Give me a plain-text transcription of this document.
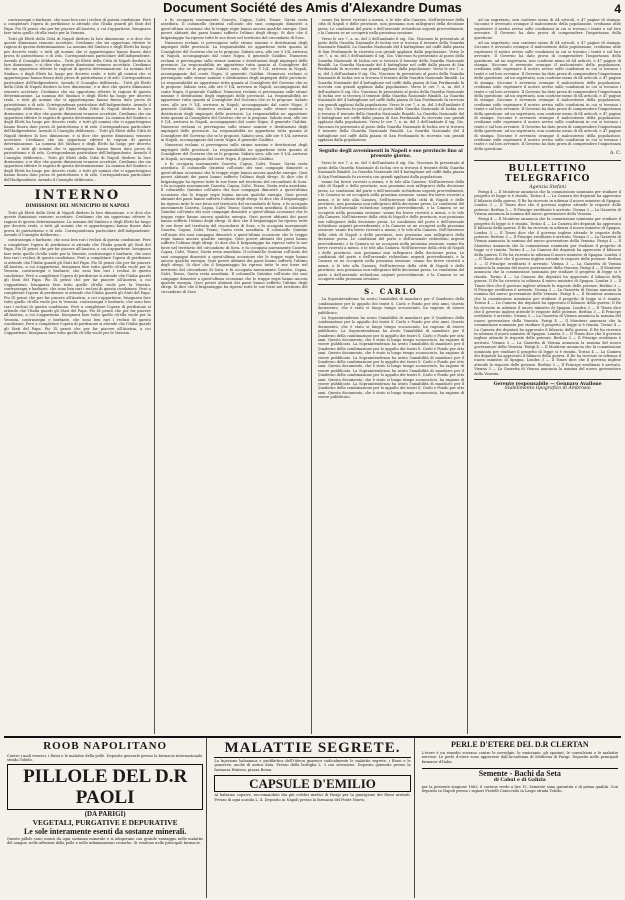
Document Société des Amis d'Alexandre Dumas	4

contrassegni e barbarie, che sono ben rari i reclusi di questa condizione. Però a completare l'opera di perdizione si attende che l'Italia guardi gli Stati del Papa. Pio IX pensò che per far piacere all'Austria, a cui s'appartiene, bisognava fare tutto quello ch'ella vuole per la Venezia.

Tutti gli Eletti della Città di Napoli diedero la loro dimissione, e si dice che queste dimissioni vennero accettate. Crediamo che sia opportuno riferire le ragioni di questa determinazione. La nomina del Sindaco e degli Eletti ha luogo per decreto reale, e tutti gli uomini che vi appartengono hanno finora dato prova di patriottismo e di zelo. Corrispondenza particolare dell'Indipendente. Avendo il Consiglio deliberato... Tutti gli Eletti della Città di Napoli diedero la loro dimissione, e si dice che queste dimissioni vennero accettate. Crediamo che sia opportuno riferire le ragioni di questa determinazione. La nomina del Sindaco e degli Eletti ha luogo per decreto reale, e tutti gli uomini che vi appartengono hanno finora dato prova di patriottismo e di zelo. Corrispondenza particolare dell'Indipendente. Avendo il Consiglio deliberato... Tutti gli Eletti della Città di Napoli diedero la loro dimissione, e si dice che queste dimissioni vennero accettate. Crediamo che sia opportuno riferire le ragioni di questa determinazione. La nomina del Sindaco e degli Eletti ha luogo per decreto reale, e tutti gli uomini che vi appartengono hanno finora dato prova di patriottismo e di zelo. Corrispondenza particolare dell'Indipendente. Avendo il Consiglio deliberato... Tutti gli Eletti della Città di Napoli diedero la loro dimissione, e si dice che queste dimissioni vennero accettate. Crediamo che sia opportuno riferire le ragioni di questa determinazione. La nomina del Sindaco e degli Eletti ha luogo per decreto reale, e tutti gli uomini che vi appartengono hanno finora dato prova di patriottismo e di zelo. Corrispondenza particolare dell'Indipendente. Avendo il Consiglio deliberato... Tutti gli Eletti della Città di Napoli diedero la loro dimissione, e si dice che queste dimissioni vennero accettate. Crediamo che sia opportuno riferire le ragioni di questa determinazione. La nomina del Sindaco e degli Eletti ha luogo per decreto reale, e tutti gli uomini che vi appartengono hanno finora dato prova di patriottismo e di zelo. Corrispondenza particolare dell'Indipendente. Avendo il Consiglio deliberato... Tutti gli Eletti della Città di Napoli diedero la loro dimissione, e si dice che queste dimissioni vennero accettate. Crediamo che sia opportuno riferire le ragioni di questa determinazione. La nomina del Sindaco e degli Eletti ha luogo per decreto reale, e tutti gli uomini che vi appartengono hanno finora dato prova di patriottismo e di zelo. Corrispondenza particolare dell'Indipendente. Avendo il Consiglio deliberato...

INTERNO
DIMISSIONE DEL MUNICIPIO DI NAPOLI

Tutti gli Eletti della Città di Napoli diedero la loro dimissione, e si dice che queste dimissioni vennero accettate. Crediamo che sia opportuno riferire le ragioni di questa determinazione. La nomina del Sindaco e degli Eletti ha luogo per decreto reale, e tutti gli uomini che vi appartengono hanno finora dato prova di patriottismo e di zelo. Corrispondenza particolare dell'Indipendente. Avendo il Consiglio deliberato...

contrassegni e barbarie, che sono ben rari i reclusi di questa condizione. Però a completare l'opera di perdizione si attende che l'Italia guardi gli Stati del Papa. Pio IX pensò che per far piacere all'Austria, a cui s'appartiene, bisognava fare tutto quello ch'ella vuole per la Venezia. contrassegni e barbarie, che sono ben rari i reclusi di questa condizione. Però a completare l'opera di perdizione si attende che l'Italia guardi gli Stati del Papa. Pio IX pensò che per far piacere all'Austria, a cui s'appartiene, bisognava fare tutto quello ch'ella vuole per la Venezia. contrassegni e barbarie, che sono ben rari i reclusi di questa condizione. Però a completare l'opera di perdizione si attende che l'Italia guardi gli Stati del Papa. Pio IX pensò che per far piacere all'Austria, a cui s'appartiene, bisognava fare tutto quello ch'ella vuole per la Venezia. contrassegni e barbarie, che sono ben rari i reclusi di questa condizione. Però a completare l'opera di perdizione si attende che l'Italia guardi gli Stati del Papa. Pio IX pensò che per far piacere all'Austria, a cui s'appartiene, bisognava fare tutto quello ch'ella vuole per la Venezia. contrassegni e barbarie, che sono ben rari i reclusi di questa condizione. Però a completare l'opera di perdizione si attende che l'Italia guardi gli Stati del Papa. Pio IX pensò che per far piacere all'Austria, a cui s'appartiene, bisognava fare tutto quello ch'ella vuole per la Venezia. contrassegni e barbarie, che sono ben rari i reclusi di questa condizione. Però a completare l'opera di perdizione si attende che l'Italia guardi gli Stati del Papa. Pio IX pensò che per far piacere all'Austria, a cui s'appartiene, bisognava fare tutto quello ch'ella vuole per la Venezia.

e fu occupata nuovamente Caserta, Capua, Calvi, Teano; Gaeta resta assediata. Il colonnello Quintini coll'aiuto dei suoi compagni dimostrò a quest'ultima occasione che le truppe regie hanno ancora qualche energia. Quei poveri abitanti dei paesi hanno sofferto l'ultimo degli sfregi. Si dice che il brigantaggio ha ripreso tutte le sue forze nel territorio del circondario di Sora.

Numerosi reclami ci pervengono sulle strane nomine e destituzioni degli impiegati delle provincie. La responsabilità ne appartiene tutta quanta al Consigliere del Governo che se le propone. Sabato sera, alle ore 9 1/4, arrivava in Napoli, accompagnato dal conte Nigra, il generale Cialdini. Numerosi reclami ci pervengono sulle strane nomine e destituzioni degli impiegati delle provincie. La responsabilità ne appartiene tutta quanta al Consigliere del Governo che se le propone. Sabato sera, alle ore 9 1/4, arrivava in Napoli, accompagnato dal conte Nigra, il generale Cialdini. Numerosi reclami ci pervengono sulle strane nomine e destituzioni degli impiegati delle provincie. La responsabilità ne appartiene tutta quanta al Consigliere del Governo che se le propone. Sabato sera, alle ore 9 1/4, arrivava in Napoli, accompagnato dal conte Nigra, il generale Cialdini. Numerosi reclami ci pervengono sulle strane nomine e destituzioni degli impiegati delle provincie. La responsabilità ne appartiene tutta quanta al Consigliere del Governo che se le propone. Sabato sera, alle ore 9 1/4, arrivava in Napoli, accompagnato dal conte Nigra, il generale Cialdini. Numerosi reclami ci pervengono sulle strane nomine e destituzioni degli impiegati delle provincie. La responsabilità ne appartiene tutta quanta al Consigliere del Governo che se le propone. Sabato sera, alle ore 9 1/4, arrivava in Napoli, accompagnato dal conte Nigra, il generale Cialdini. Numerosi reclami ci pervengono sulle strane nomine e destituzioni degli impiegati delle provincie. La responsabilità ne appartiene tutta quanta al Consigliere del Governo che se le propone. Sabato sera, alle ore 9 1/4, arrivava in Napoli, accompagnato dal conte Nigra, il generale Cialdini.

Numerosi reclami ci pervengono sulle strane nomine e destituzioni degli impiegati delle provincie. La responsabilità ne appartiene tutta quanta al Consigliere del Governo che se le propone. Sabato sera, alle ore 9 1/4, arrivava in Napoli, accompagnato dal conte Nigra, il generale Cialdini.

e fu occupata nuovamente Caserta, Capua, Calvi, Teano; Gaeta resta assediata. Il colonnello Quintini coll'aiuto dei suoi compagni dimostrò a quest'ultima occasione che le truppe regie hanno ancora qualche energia. Quei poveri abitanti dei paesi hanno sofferto l'ultimo degli sfregi. Si dice che il brigantaggio ha ripreso tutte le sue forze nel territorio del circondario di Sora. e fu occupata nuovamente Caserta, Capua, Calvi, Teano; Gaeta resta assediata. Il colonnello Quintini coll'aiuto dei suoi compagni dimostrò a quest'ultima occasione che le truppe regie hanno ancora qualche energia. Quei poveri abitanti dei paesi hanno sofferto l'ultimo degli sfregi. Si dice che il brigantaggio ha ripreso tutte le sue forze nel territorio del circondario di Sora. e fu occupata nuovamente Caserta, Capua, Calvi, Teano; Gaeta resta assediata. Il colonnello Quintini coll'aiuto dei suoi compagni dimostrò a quest'ultima occasione che le truppe regie hanno ancora qualche energia. Quei poveri abitanti dei paesi hanno sofferto l'ultimo degli sfregi. Si dice che il brigantaggio ha ripreso tutte le sue forze nel territorio del circondario di Sora. e fu occupata nuovamente Caserta, Capua, Calvi, Teano; Gaeta resta assediata. Il colonnello Quintini coll'aiuto dei suoi compagni dimostrò a quest'ultima occasione che le truppe regie hanno ancora qualche energia. Quei poveri abitanti dei paesi hanno sofferto l'ultimo degli sfregi. Si dice che il brigantaggio ha ripreso tutte le sue forze nel territorio del circondario di Sora. e fu occupata nuovamente Caserta, Capua, Calvi, Teano; Gaeta resta assediata. Il colonnello Quintini coll'aiuto dei suoi compagni dimostrò a quest'ultima occasione che le truppe regie hanno ancora qualche energia. Quei poveri abitanti dei paesi hanno sofferto l'ultimo degli sfregi. Si dice che il brigantaggio ha ripreso tutte le sue forze nel territorio del circondario di Sora. e fu occupata nuovamente Caserta, Capua, Calvi, Teano; Gaeta resta assediata. Il colonnello Quintini coll'aiuto dei suoi compagni dimostrò a quest'ultima occasione che le truppe regie hanno ancora qualche energia. Quei poveri abitanti dei paesi hanno sofferto l'ultimo degli sfregi. Si dice che il brigantaggio ha ripreso tutte le sue forze nel territorio del circondario di Sora.

vanno fra breve ricevuti a mensi, e le tele alla Camera. Nell'interesse della città di Napoli e delle provincie, non possiamo non rallegrarci della decisione presa. Le condizioni del porto e dell'arsenale richiedono urgenti provvedimenti, e la Camera se ne occuperà nella prossima sessione.

Verso le ore 7, a. m. del 3 dell'andante il sig. Gio. Vincenzo fu presentato al posto della Guardia Nazionale di Ischia ove si trovava il tenente della Guardia Nazionale Rinaldi. La Guardia Nazionale del 4 battaglione nel caffè dalla piazza di San Ferdinando fu ricevuta con grandi applausi dalla popolazione. Verso le ore 7, a. m. del 3 dell'andante il sig. Gio. Vincenzo fu presentato al posto della Guardia Nazionale di Ischia ove si trovava il tenente della Guardia Nazionale Rinaldi. La Guardia Nazionale del 4 battaglione nel caffè dalla piazza di San Ferdinando fu ricevuta con grandi applausi dalla popolazione. Verso le ore 7, a. m. del 3 dell'andante il sig. Gio. Vincenzo fu presentato al posto della Guardia Nazionale di Ischia ove si trovava il tenente della Guardia Nazionale Rinaldi. La Guardia Nazionale del 4 battaglione nel caffè dalla piazza di San Ferdinando fu ricevuta con grandi applausi dalla popolazione. Verso le ore 7, a. m. del 3 dell'andante il sig. Gio. Vincenzo fu presentato al posto della Guardia Nazionale di Ischia ove si trovava il tenente della Guardia Nazionale Rinaldi. La Guardia Nazionale del 4 battaglione nel caffè dalla piazza di San Ferdinando fu ricevuta con grandi applausi dalla popolazione. Verso le ore 7, a. m. del 3 dell'andante il sig. Gio. Vincenzo fu presentato al posto della Guardia Nazionale di Ischia ove si trovava il tenente della Guardia Nazionale Rinaldi. La Guardia Nazionale del 4 battaglione nel caffè dalla piazza di San Ferdinando fu ricevuta con grandi applausi dalla popolazione. Verso le ore 7, a. m. del 3 dell'andante il sig. Gio. Vincenzo fu presentato al posto della Guardia Nazionale di Ischia ove si trovava il tenente della Guardia Nazionale Rinaldi. La Guardia Nazionale del 4 battaglione nel caffè dalla piazza di San Ferdinando fu ricevuta con grandi applausi dalla popolazione.

Seguito degli avvenimenti in Napoli e sue provincie fino al presente giorno.

Verso le ore 7, a. m. del 3 dell'andante il sig. Gio. Vincenzo fu presentato al posto della Guardia Nazionale di Ischia ove si trovava il tenente della Guardia Nazionale Rinaldi. La Guardia Nazionale del 4 battaglione nel caffè dalla piazza di San Ferdinando fu ricevuta con grandi applausi dalla popolazione.

vanno fra breve ricevuti a mensi, e le tele alla Camera. Nell'interesse della città di Napoli e delle provincie, non possiamo non rallegrarci della decisione presa. Le condizioni del porto e dell'arsenale richiedono urgenti provvedimenti, e la Camera se ne occuperà nella prossima sessione. vanno fra breve ricevuti a mensi, e le tele alla Camera. Nell'interesse della città di Napoli e delle provincie, non possiamo non rallegrarci della decisione presa. Le condizioni del porto e dell'arsenale richiedono urgenti provvedimenti, e la Camera se ne occuperà nella prossima sessione. vanno fra breve ricevuti a mensi, e le tele alla Camera. Nell'interesse della città di Napoli e delle provincie, non possiamo non rallegrarci della decisione presa. Le condizioni del porto e dell'arsenale richiedono urgenti provvedimenti, e la Camera se ne occuperà nella prossima sessione. vanno fra breve ricevuti a mensi, e le tele alla Camera. Nell'interesse della città di Napoli e delle provincie, non possiamo non rallegrarci della decisione presa. Le condizioni del porto e dell'arsenale richiedono urgenti provvedimenti, e la Camera se ne occuperà nella prossima sessione. vanno fra breve ricevuti a mensi, e le tele alla Camera. Nell'interesse della città di Napoli e delle provincie, non possiamo non rallegrarci della decisione presa. Le condizioni del porto e dell'arsenale richiedono urgenti provvedimenti, e la Camera se ne occuperà nella prossima sessione. vanno fra breve ricevuti a mensi, e le tele alla Camera. Nell'interesse della città di Napoli e delle provincie, non possiamo non rallegrarci della decisione presa. Le condizioni del porto e dell'arsenale richiedono urgenti provvedimenti, e la Camera se ne occuperà nella prossima sessione.

S. CARLO

La Sopraintendenza ha avuto l'amabilità di mandarci per il Quaderno della combinazione per lo appalto dei teatri S. Carlo e Fondo per otto anni. Questo documento, che è stato si lungo tempo sconosciuto, ha ragione di essere pubblicato.

La Sopraintendenza ha avuto l'amabilità di mandarci per il Quaderno della combinazione per lo appalto dei teatri S. Carlo e Fondo per otto anni. Questo documento, che è stato si lungo tempo sconosciuto, ha ragione di essere pubblicato. La Sopraintendenza ha avuto l'amabilità di mandarci per il Quaderno della combinazione per lo appalto dei teatri S. Carlo e Fondo per otto anni. Questo documento, che è stato si lungo tempo sconosciuto, ha ragione di essere pubblicato. La Sopraintendenza ha avuto l'amabilità di mandarci per il Quaderno della combinazione per lo appalto dei teatri S. Carlo e Fondo per otto anni. Questo documento, che è stato si lungo tempo sconosciuto, ha ragione di essere pubblicato. La Sopraintendenza ha avuto l'amabilità di mandarci per il Quaderno della combinazione per lo appalto dei teatri S. Carlo e Fondo per otto anni. Questo documento, che è stato si lungo tempo sconosciuto, ha ragione di essere pubblicato. La Sopraintendenza ha avuto l'amabilità di mandarci per il Quaderno della combinazione per lo appalto dei teatri S. Carlo e Fondo per otto anni. Questo documento, che è stato si lungo tempo sconosciuto, ha ragione di essere pubblicato. La Sopraintendenza ha avuto l'amabilità di mandarci per il Quaderno della combinazione per lo appalto dei teatri S. Carlo e Fondo per otto anni. Questo documento, che è stato si lungo tempo sconosciuto, ha ragione di essere pubblicato.

ad un segretario, non contiene meno di 64 articoli, e 47 pagine di stampa. Siccome è avvenuto ovunque il malcontento della popolazione, crediamo utile esprimere il nostro avviso sulle condizioni in cui si trovano i teatri e sul loro avvenire. Il Governo ha dato prova di comprendere l'importanza della questione.

ad un segretario, non contiene meno di 64 articoli, e 47 pagine di stampa. Siccome è avvenuto ovunque il malcontento della popolazione, crediamo utile esprimere il nostro avviso sulle condizioni in cui si trovano i teatri e sul loro avvenire. Il Governo ha dato prova di comprendere l'importanza della questione. ad un segretario, non contiene meno di 64 articoli, e 47 pagine di stampa. Siccome è avvenuto ovunque il malcontento della popolazione, crediamo utile esprimere il nostro avviso sulle condizioni in cui si trovano i teatri e sul loro avvenire. Il Governo ha dato prova di comprendere l'importanza della questione. ad un segretario, non contiene meno di 64 articoli, e 47 pagine di stampa. Siccome è avvenuto ovunque il malcontento della popolazione, crediamo utile esprimere il nostro avviso sulle condizioni in cui si trovano i teatri e sul loro avvenire. Il Governo ha dato prova di comprendere l'importanza della questione. ad un segretario, non contiene meno di 64 articoli, e 47 pagine di stampa. Siccome è avvenuto ovunque il malcontento della popolazione, crediamo utile esprimere il nostro avviso sulle condizioni in cui si trovano i teatri e sul loro avvenire. Il Governo ha dato prova di comprendere l'importanza della questione. ad un segretario, non contiene meno di 64 articoli, e 47 pagine di stampa. Siccome è avvenuto ovunque il malcontento della popolazione, crediamo utile esprimere il nostro avviso sulle condizioni in cui si trovano i teatri e sul loro avvenire. Il Governo ha dato prova di comprendere l'importanza della questione. ad un segretario, non contiene meno di 64 articoli, e 47 pagine di stampa. Siccome è avvenuto ovunque il malcontento della popolazione, crediamo utile esprimere il nostro avviso sulle condizioni in cui si trovano i teatri e sul loro avvenire. Il Governo ha dato prova di comprendere l'importanza della questione.

A. C.
BULLETTINO TELEGRAFICO
Agenzia Stefani

Parigi 4 — Il Moniteur annuncia che la commissione nominata per studiare il progetto di legge si è riunita. Torino 4 — La Camera dei deputati ha approvato il bilancio della guerra. Il Re ha ricevuto in udienza il nuovo ministro di Spagna. Londra 3 — Il Times dice che il governo inglese attende le risposte delle potenze. Berlino 3 — Il Principe ereditario è arrivato. Vienna 3 — La Gazzetta di Vienna annuncia la nomina del nuovo governatore della Venezia.

Parigi 4 — Il Moniteur annuncia che la commissione nominata per studiare il progetto di legge si è riunita. Torino 4 — La Camera dei deputati ha approvato il bilancio della guerra. Il Re ha ricevuto in udienza il nuovo ministro di Spagna. Londra 3 — Il Times dice che il governo inglese attende le risposte delle potenze. Berlino 3 — Il Principe ereditario è arrivato. Vienna 3 — La Gazzetta di Vienna annuncia la nomina del nuovo governatore della Venezia. Parigi 4 — Il Moniteur annuncia che la commissione nominata per studiare il progetto di legge si è riunita. Torino 4 — La Camera dei deputati ha approvato il bilancio della guerra. Il Re ha ricevuto in udienza il nuovo ministro di Spagna. Londra 3 — Il Times dice che il governo inglese attende le risposte delle potenze. Berlino 3 — Il Principe ereditario è arrivato. Vienna 3 — La Gazzetta di Vienna annuncia la nomina del nuovo governatore della Venezia. Parigi 4 — Il Moniteur annuncia che la commissione nominata per studiare il progetto di legge si è riunita. Torino 4 — La Camera dei deputati ha approvato il bilancio della guerra. Il Re ha ricevuto in udienza il nuovo ministro di Spagna. Londra 3 — Il Times dice che il governo inglese attende le risposte delle potenze. Berlino 3 — Il Principe ereditario è arrivato. Vienna 3 — La Gazzetta di Vienna annuncia la nomina del nuovo governatore della Venezia. Parigi 4 — Il Moniteur annuncia che la commissione nominata per studiare il progetto di legge si è riunita. Torino 4 — La Camera dei deputati ha approvato il bilancio della guerra. Il Re ha ricevuto in udienza il nuovo ministro di Spagna. Londra 3 — Il Times dice che il governo inglese attende le risposte delle potenze. Berlino 3 — Il Principe ereditario è arrivato. Vienna 3 — La Gazzetta di Vienna annuncia la nomina del nuovo governatore della Venezia. Parigi 4 — Il Moniteur annuncia che la commissione nominata per studiare il progetto di legge si è riunita. Torino 4 — La Camera dei deputati ha approvato il bilancio della guerra. Il Re ha ricevuto in udienza il nuovo ministro di Spagna. Londra 3 — Il Times dice che il governo inglese attende le risposte delle potenze. Berlino 3 — Il Principe ereditario è arrivato. Vienna 3 — La Gazzetta di Vienna annuncia la nomina del nuovo governatore della Venezia. Parigi 4 — Il Moniteur annuncia che la commissione nominata per studiare il progetto di legge si è riunita. Torino 4 — La Camera dei deputati ha approvato il bilancio della guerra. Il Re ha ricevuto in udienza il nuovo ministro di Spagna. Londra 3 — Il Times dice che il governo inglese attende le risposte delle potenze. Berlino 3 — Il Principe ereditario è arrivato. Vienna 3 — La Gazzetta di Vienna annuncia la nomina del nuovo governatore della Venezia.

Gerente responsabile — Gennaro Avallone
Stabilimento tipografico di Ambrosio
ROOB NAPOLITANO

Contro i mali venerei, i flussi e le malattie della pelle. Deposito generale presso la farmacia internazionale, strada Toledo.

PILLOLE DEL D.R PAOLI
(DA PARIGI)
VEGETALI, PURGATIVE E DEPURATIVE
Le sole interamente esenti da sostanze minerali.

Queste pillole sono esenti da ogni sostanza minerale e si adoperano con grande vantaggio nelle malattie del sangue, nelle affezioni della pelle e nelle infiammazioni croniche. Si vendono nelle principali farmacie.

MALATTIE SEGRETE.

La Injezione balsamica e profilattica dell'Odeon guarisce radicalmente le malattie segrete, i flussi e le gonorree, anche di antica data. Prezzo della bottiglia L. 3 con istruzione. Deposito generale presso la farmacia Hinteza, piazza Borsa.

CAPSULE D'EMILIO

Al balsamo copaive, raccomandate dai più celebri medici di Parigi per la guarigione dei flussi uretrali. Prezzo di ogni scatola L. 4. Deposito in Napoli presso la farmacia del Ponte Nuovo.

PERLE D'ETERE DEL D.R CLERTAN

L'etere è un rimedio sovrano contro le nevralgie, le emicranie, gli spasimi, le convulsioni e le malattie nervose. Le perle d'etere sono approvate dall'Accademia di Medicina di Parigi. Deposito nelle principali farmacie d'Italia.

Semente - Bachi da Seta
di Cabul e di Galizia

per la presente stagione 1863, il cartone verde a lire 15. Semente sana garantita e di prima qualità. Con deposito in Napoli presso i signori Fratelli Caracciolo in Largo strada Toledo.
